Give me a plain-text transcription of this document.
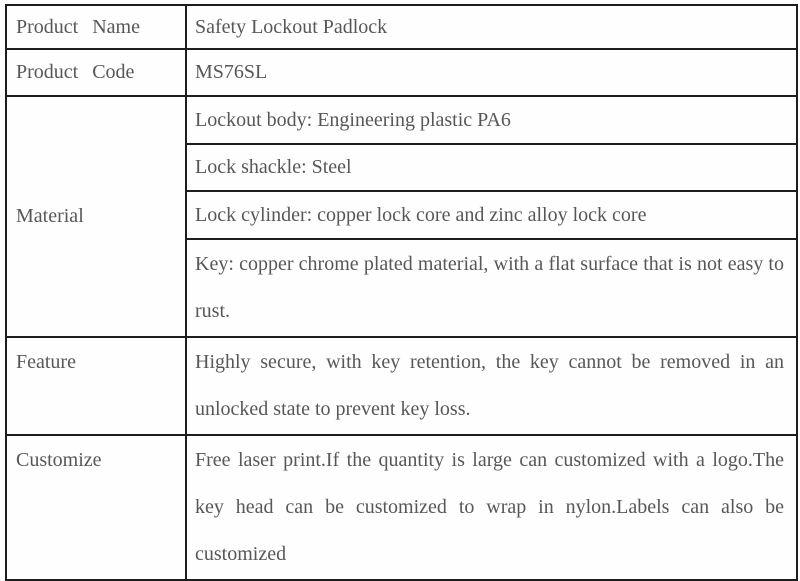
Product Name	Safety Lockout Padlock
Product Code	MS76SL
Material	Lockout body: Engineering plastic PA6
	Lock shackle: Steel
	Lock cylinder: copper lock core and zinc alloy lock core
	Key: copper chrome plated material, with a flat surface that is not easy to rust.
Feature	Highly secure, with key retention, the key cannot be removed in an unlocked state to prevent key loss.
Customize	Free laser print.If the quantity is large can customized with a logo.The key head can be customized to wrap in nylon.Labels can also be customized
